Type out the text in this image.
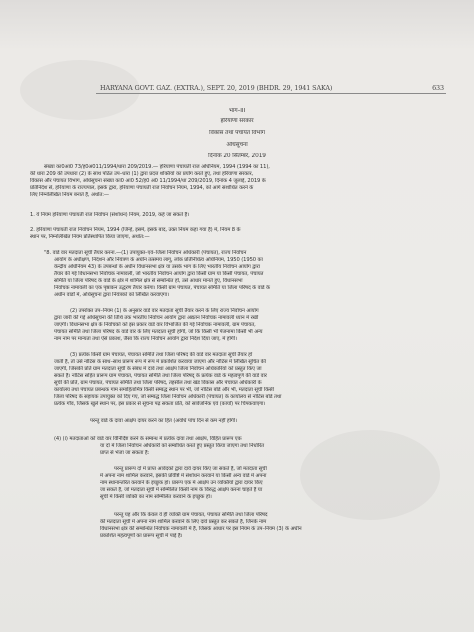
HARYANA GOVT. GAZ. (EXTRA.), SEPT. 20, 2019 (BHDR. 29, 1941 SAKA)	633
भाग–III
हरियाणा सरकार
विकास तथा पंचायत विभाग
अधिसूचना
दिनांक 20 सितम्बर, 2019
संख्या का0आ0 73/ह0अ011/1994/धारा 209/2019.— हरियाणा पंचायती राज अधिनियम, 1994 (1994 का 11),
की धारा 209 की उपधारा (2) के साथ पठित उप–धारा (1) द्वारा प्रदत्त शक्तियों का प्रयोग करते हुए, तथा हरियाणा सरकार,
विकास और पंचायत विभाग, अधिसूचना संख्या का0 आ0 52/ह0 अ0 11/1994/धा 209/2019, दिनांक 4 जुलाई, 2019 के
प्रतिनिर्देश से, हरियाणा के राज्यपाल, इसके द्वारा, हरियाणा पंचायती राज निर्वाचन नियम, 1994, को आगे संशोधित करने के
लिए निम्नलिखित नियम बनाते हैं, अर्थात:—
1. ये नियम हरियाणा पंचायती राज निर्वाचन (संशोधन) नियम, 2019, कहे जा सकते हैं।
2. हरियाणा पंचायती राज निर्वाचन नियम, 1994 (जिन्हें, इसमें, इसके बाद, उक्त नियम कहा गया है) में, नियम 8 के
स्थान पर, निम्नलिखित नियम प्रतिस्थापित किया जाएगा, अर्थात:—
"8. वार्ड वार मतदाता सूची तैयार करना.—(1) उपायुक्त–एवं–जिला निर्वाचन अधिकारी (पंचायत), राज्य निर्वाचन
आयोग के अधीक्षण, निदेशन और नियंत्रण के अधीन तत्समय लागू, लोक प्रतिनिधित्व अधिनियम, 1950 (1950 का
केन्द्रीय अधिनियम 43) के उपबन्धों के अधीन विधानसभा क्षेत्र या उसके भाग के लिए भारतीय निर्वाचन आयोग द्वारा
तैयार की गई विधानसभा निर्वाचक नामावली, जो भारतीय निर्वाचन आयोग द्वारा किसी ग्राम या किसी पंचायत, पंचायत
समिति या जिला परिषद के वार्ड के क्षेत्र में शामिल क्षेत्र से सम्बन्धित हो, उसे आधार मानते हुए, विधानसभा
निर्वाचक नामावली का एक पृष्ठाकन उद्धरण तैयार करेगा। किसी ग्राम पंचायत, पंचायत समिति या जिला परिषद के वार्ड के
अधीन वार्डों में, अधिसूचना द्वारा नियंत्रकों को लिखित करवाएगा।
(2) उपरोक्त उप–नियम (1) के अनुसार वार्ड वार मतदाता सूची तैयार करने के लिए राज्य निर्वाचन आयोग
द्वारा जारी की गई अधिसूचना की तिथि तक भारतीय निर्वाचन आयोग द्वारा अद्यतन निर्वाचक नामावली ध्यान में रखी
जाएगी। विधानसभा क्षेत्र के निर्वाचकों को इस प्रकार वार्ड वार विभाजित की गई निर्वाचक नामावली, ग्राम पंचायत,
पंचायत समिति तथा जिला परिषद के वार्ड वार के लिए मतदाता सूची होगी, जो कि किसी भी पेजनामा किसी भी अन्य
नाम नाम पर मान्यता तथा ऐसे प्रकाश, जैसा कि राज्य निर्वाचन आयोग द्वारा निर्देश दिया जाए, में होगी।
(3) प्रत्येक किसी ग्राम पंचायत, पंचायत समिति तथा जिला परिषद की वार्ड वार मतदाता सूची तैयार हो
जाती है, तो उसे नोटिस के साथ–साथ प्रारूप रूप में रूप में प्रकाशित करवाया जाएगा और नोटिस में लिखित सूचित की
जाएगी, जिसकी प्रति ग्राम मतदाता सूची के संबंध में दावे तथा आक्षेप जिला निर्वाचन अधिकारियों को प्रस्तुत किए जा
सकते हैं। नोटिस सहित प्रारूप ग्राम पंचायत, पंचायत समिति तथा जिला परिषद् के प्रत्येक वार्ड के महत्वपूर्ण की वार्ड वार
सूची की प्रति, ग्राम पंचायत, पंचायत समिति तथा जिला परिषद, तहसील तथा खंड विकास और पंचायत अधिकारी के
कार्यालय तथा पंचायत प्रबन्धक गाम समाहितामित्र किसी सम्बद्ध स्थान पर भी, जो नोटिस बोर्ड और भी, मतदाता सूची किसी
जिला परिषद के सहायक उपायुक्त को दिए गए, जो सम्बद्ध जिला निर्वाचन अधिकारी (पंचायत) के कार्यालय से नोटिस बोर्ड तथा
प्रत्येक गाँव, जिसके खुले स्थान पर, इस प्रकार से सूचना पढ़ सकता प्रति, को सार्वजनिक एवं (कार्यों) पर चिपकवाएगा।
परन्तु वार्ड के दावा आक्षेप दायर करने का हित (अवधि पांच दिन से कम नहीं होगी।
(4) (i) मतदाताओं को वार्ड वार विनिर्दिष्ट करने के सम्बन्ध में प्रत्येक दावा तथा आक्षेप, विहित प्रारूप एक
या दो में जिला निर्वाचन अधिकारी को सम्बोधित करते हुए प्रस्तुत किया जाएगा तथा निर्धारित
प्राप्त से भेजा जा सकता है:
परन्तु प्रारूप दो में प्राप्त आवेदकों द्वारा दावे दायर किए जा सकते हैं, जो मतदाता सूची
में अपना नाम शामिल करवाने, इसकी प्रविष्टि में संशोधन करवाने या किसी अन्य वार्ड में अपना
नाम स्थानान्तरित करवाने के इच्छुक हों। प्रारूप एक में आक्षेप उन व्यक्तियों द्वारा दायर किए
जा सकते हैं, जो मतदाता सूची में सम्मिलित किसी नाम के विरुद्ध आक्षेप करना चाहते हैं या
सूची में किसी व्यक्ति का नाम सम्मिलित करवाने के इच्छुक हों।
परन्तु यह और कि केवल वे ही व्यक्ति ग्राम पंचायत, पंचायत समिति तथा जिला परिषद
की मतदाता सूची में अपना नाम शामिल करवाने के लिए दावे प्रस्तुत कर सकते हैं, जिनके नाम
विधानसभा क्षेत्र की सम्बन्धित निर्वाचक नामावली में हैं, जिसके आधार पर इस नियम के उप–नियम (3) के अधीन
प्रकाशित महत्वपूर्णों का प्रारूप सूची में पाई हैं।
